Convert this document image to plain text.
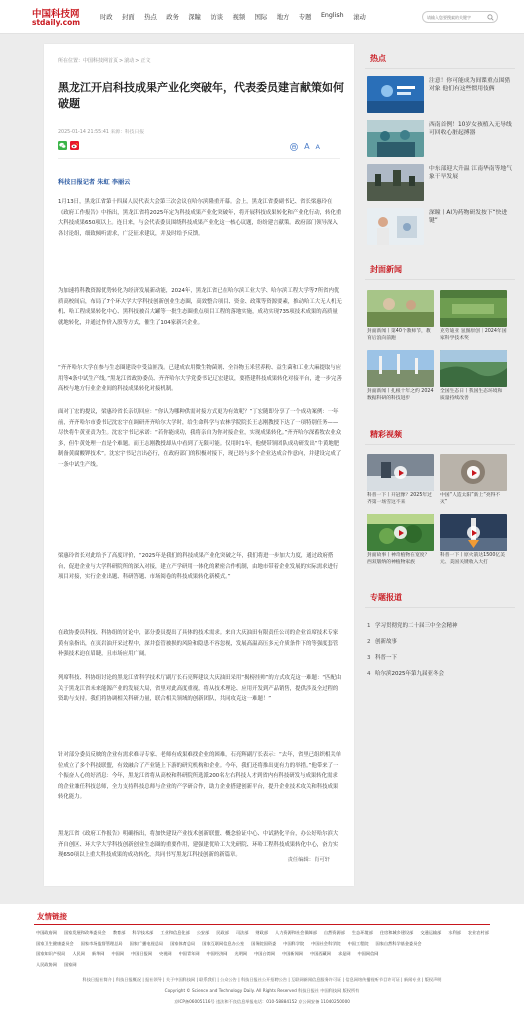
中国科技网
stdaily.com
时政 封面 热点 政务 深瞳 访谈 视频 国际 地方 专题 English 滚动
请输入您要搜索的关键字
所在位置：中国科技网首页>滚动>正文
黑龙江开启科技成果产业化突破年，代表委员建言献策如何破题
2025-01-14 21:55:41 来源：科技日报
A A
科技日报记者 朱虹 李丽云

1月13日，黑龙江省第十四届人民代表大会第三次会议在哈尔滨隆重开幕。会上，黑龙江省委副书记、省长梁惠玲在《政府工作报告》中指出，黑龙江省将2025年定为科技成果产业化突破年，将开展科技成果转化和产业化行动，转化重大科技成果650项以上。连日来，与会代表委员围绕科技成果产业化这一核心议题，纷纷建言献策。政府部门领导深入各讨论组，细致倾听需求，广泛征求建议，并及时给予反馈。

为加速将科教资源优势转化为经济发展新动能，2024年，黑龙江省已在哈尔滨工业大学、哈尔滨工程大学等7所省内优质高校间启，布局了7个环大学大学科技创新创业生态圈，高效整合项目、资金、政策等资源要素，推动哈工大无人机无机、哈工程成果转化中心、黑科技被召大罐等一批生态圈重点项目工程的落地实施，成功实现735项技术成果的高质量就地转化，并通过作价入股等方式，催生了104家新兴企业。

“齐齐哈尔大学在参与生态圈建设中受益匪浅。已建成农用微生物菌剂、全谷物玉米营养粉、益生菌和工业大麻提取与应用等4条中试生产线。”黑龙江省政协委员、齐齐哈尔大学党委书记辽宏建议，要搭建科技成果转化对接平台，进一步完善高校与地方行业企业间的科技成果转化对接机制。

面对丁宏的提议，梁惠玲省长亲切回应：“你认为哪种供需对接方式更为有效呢？”丁宏随即分享了一个成功案例：一年前，齐齐哈尔市委书记沈宏宇在调研齐齐哈尔大学时，给生命科学与农林学院院长王志刚教授下达了一项特别任务——尽快将牛黄亚责为生。沈宏宇书记承诺：“若你能成功，我将亲自为你对接企业，实现成果转化。”齐齐哈尔深蓄牧农业众多，但牛黄处理一直是个难题。而王志刚教授却从中看到了无限可能。仅用时1年，他便带领团队成功研发出“牛黄地肥制备黄腐酸钾技术”。沈宏宇书记言出必行，在政府部门的积极对接下，现已经与多个企业达成合作意向，并建设完成了一条中试生产线。

梁惠玲省长对此给予了高度评价，“2025年是我们的科技成果产业化突破之年，我们将进一步加大力度，通过政府搭台，促进企业与大学科研院所的深入对接，建立产学研用一体化的紧密合作机制，由地市带着企业发展的实际需求进行项目对接，实行企业出题、科研答题、市场阅卷的科技成果转化新模式。”

在政协委员科技、科协组的讨论中，部分委员提出了具体的技术需求。来自大庆油田有限责任公司的企业首席技术专家黄有泉指出，在页岩油开采过程中，深井套管被损的风险和隐患不容忽视，发展高温高压多元介质条件下的等强度套管补强技术迫在眉睫，且市场应用广阔。

列席科技、科协组讨论的黑龙江省科学技术厅副厅长石亮辉建议大庆油田采用“揭榜挂帅”的方式攻克这一难题：“匹配由关于黑龙江省未来能源产业的发展大局，省里对此高度重视，将从技术理论、应用开发到产品销售，提供涉及全过程的资助与支持。我们将协调相关科研力量，联合相关领域的创新团队，共同攻克这一难题！”

针对部分委员反映的企业有需求难寻专家、老师有成果难找企业的困难，石亮辉副厅长表示：“去年，省里已组织相关单位成立了多个科技联盟，有效融合了产业链上下游的研究机构和企业。今年，我们还将推出更有力的举措。”他带来了一个振奋人心的好消息：今年，黑龙江省将从高校和科研院所选派200名左右科技人才到省内有科技研发与成果转化需求的企业兼任科技总师，全力支持科技总师与企业的产学研合作，助力企业搭建创新平台，提升企业技术攻关和科技成果转化能力。

黑龙江省《政府工作报告》明确指出，将加快建设产业技术创新联盟、概念验证中心、中试熟化平台，办公好哈尔滨大齐自创区、环大学大学科技创新创业生态圈的重要作用，建强建优哈工大先研院、环哈工程科技成果转化中心，奋力实现650项以上重大科技成果的成功转化，共同书写黑龙江科技创新的新篇章。

责任编辑：肖可轩
热点
注意！你可能成为间谍重点围猎对象 他们有这些惯用伎俩
西南首例！10岁女孩植入无导线可回收心脏起搏器
中东部迎大升温 江南华南等地气象干旱发展
深瞳丨AI为药物研发按下“快进键”
封面新闻
封面新闻丨第40个教师节，教育后浪向前跑
克劳迪亚 氢图原创｜2024年国家科学技术奖
封面新闻丨扎根十年之约 2024数据科研的科技进步
全国生态日丨我国生态环境和质量持续改善
精彩视频
科普一下丨开冠像？2025年过齐第一场雪这不来
中国“人造太阳”新上“亮得不灭”
封面故事丨神奇植物在宽度？西双版纳的神植物家族
科普一下丨原火箭达1500亿美元、美国关键收入大打
专题报道
1 学习贯彻党的二十届三中全会精神
2 创新故事
3 科普一下
4 哈尔滨2025年第九届亚冬会
友情链接
中国政府网 国家发展和改革委员会 教育部 科学技术部 工业和信息化部 公安部 民政部 司法部 财政部 人力资源和社会保障部 自然资源部 生态环境部 住房和城乡建设部 交通运输部 水利部 农业农村部
国家卫生健康委员会 国家市场监督管理总局 国家广播电视总局 国家体育总局 国家互联网信息办公室 国务院国资委 中国科学院 中国社会科学院 中国工程院 国家自然科学基金委员会
国家知识产权局 人民网 新华网 中国网 中国日报网 央视网 中国青年网 中国经济网 光明网 中国台湾网 中国新闻网 中国西藏网 求是网 中国网信网
人民政协网 国家网
科技日报社简介 | 科技日报概况 | 报社领导 | 关于中国科技网 | 联系我们 | 公众公告 | 科技日报社公开招聘公告 | 互联网新闻信息服务许可证 | 信息网络传播视听节目许可证 | 新闻专业 | 版权声明
Copyright © Science and Technology Daily. All Rights Reserved 科技日报社 中国科技网 版权所有
京ICP备06005116号 违法和不良信息举报电话：010-58884152 京公网安备 11040250000
